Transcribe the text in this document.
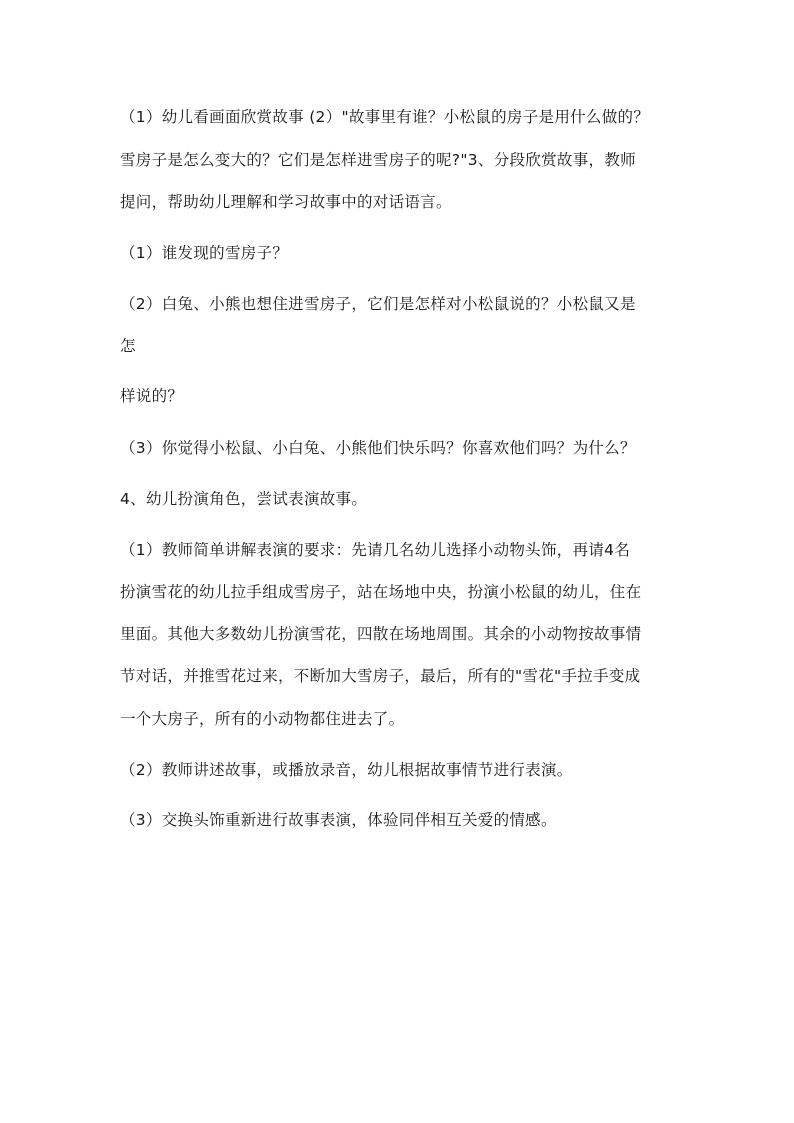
（1）幼儿看画面欣赏故事 (2）"故事里有谁？小松鼠的房子是用什么做的？
雪房子是怎么变大的？它们是怎样进雪房子的呢?"3、分段欣赏故事，教师
提问，帮助幼儿理解和学习故事中的对话语言。
（1）谁发现的雪房子？
（2）白兔、小熊也想住进雪房子，它们是怎样对小松鼠说的？小松鼠又是
怎
样说的？
（3）你觉得小松鼠、小白兔、小熊他们快乐吗？你喜欢他们吗？为什么？
4、幼儿扮演角色，尝试表演故事。
（1）教师简单讲解表演的要求：先请几名幼儿选择小动物头饰，再请4名
扮演雪花的幼儿拉手组成雪房子，站在场地中央，扮演小松鼠的幼儿，住在
里面。其他大多数幼儿扮演雪花，四散在场地周围。其余的小动物按故事情
节对话，并推雪花过来，不断加大雪房子，最后，所有的"雪花"手拉手变成
一个大房子，所有的小动物都住进去了。
（2）教师讲述故事，或播放录音，幼儿根据故事情节进行表演。
（3）交换头饰重新进行故事表演，体验同伴相互关爱的情感。
